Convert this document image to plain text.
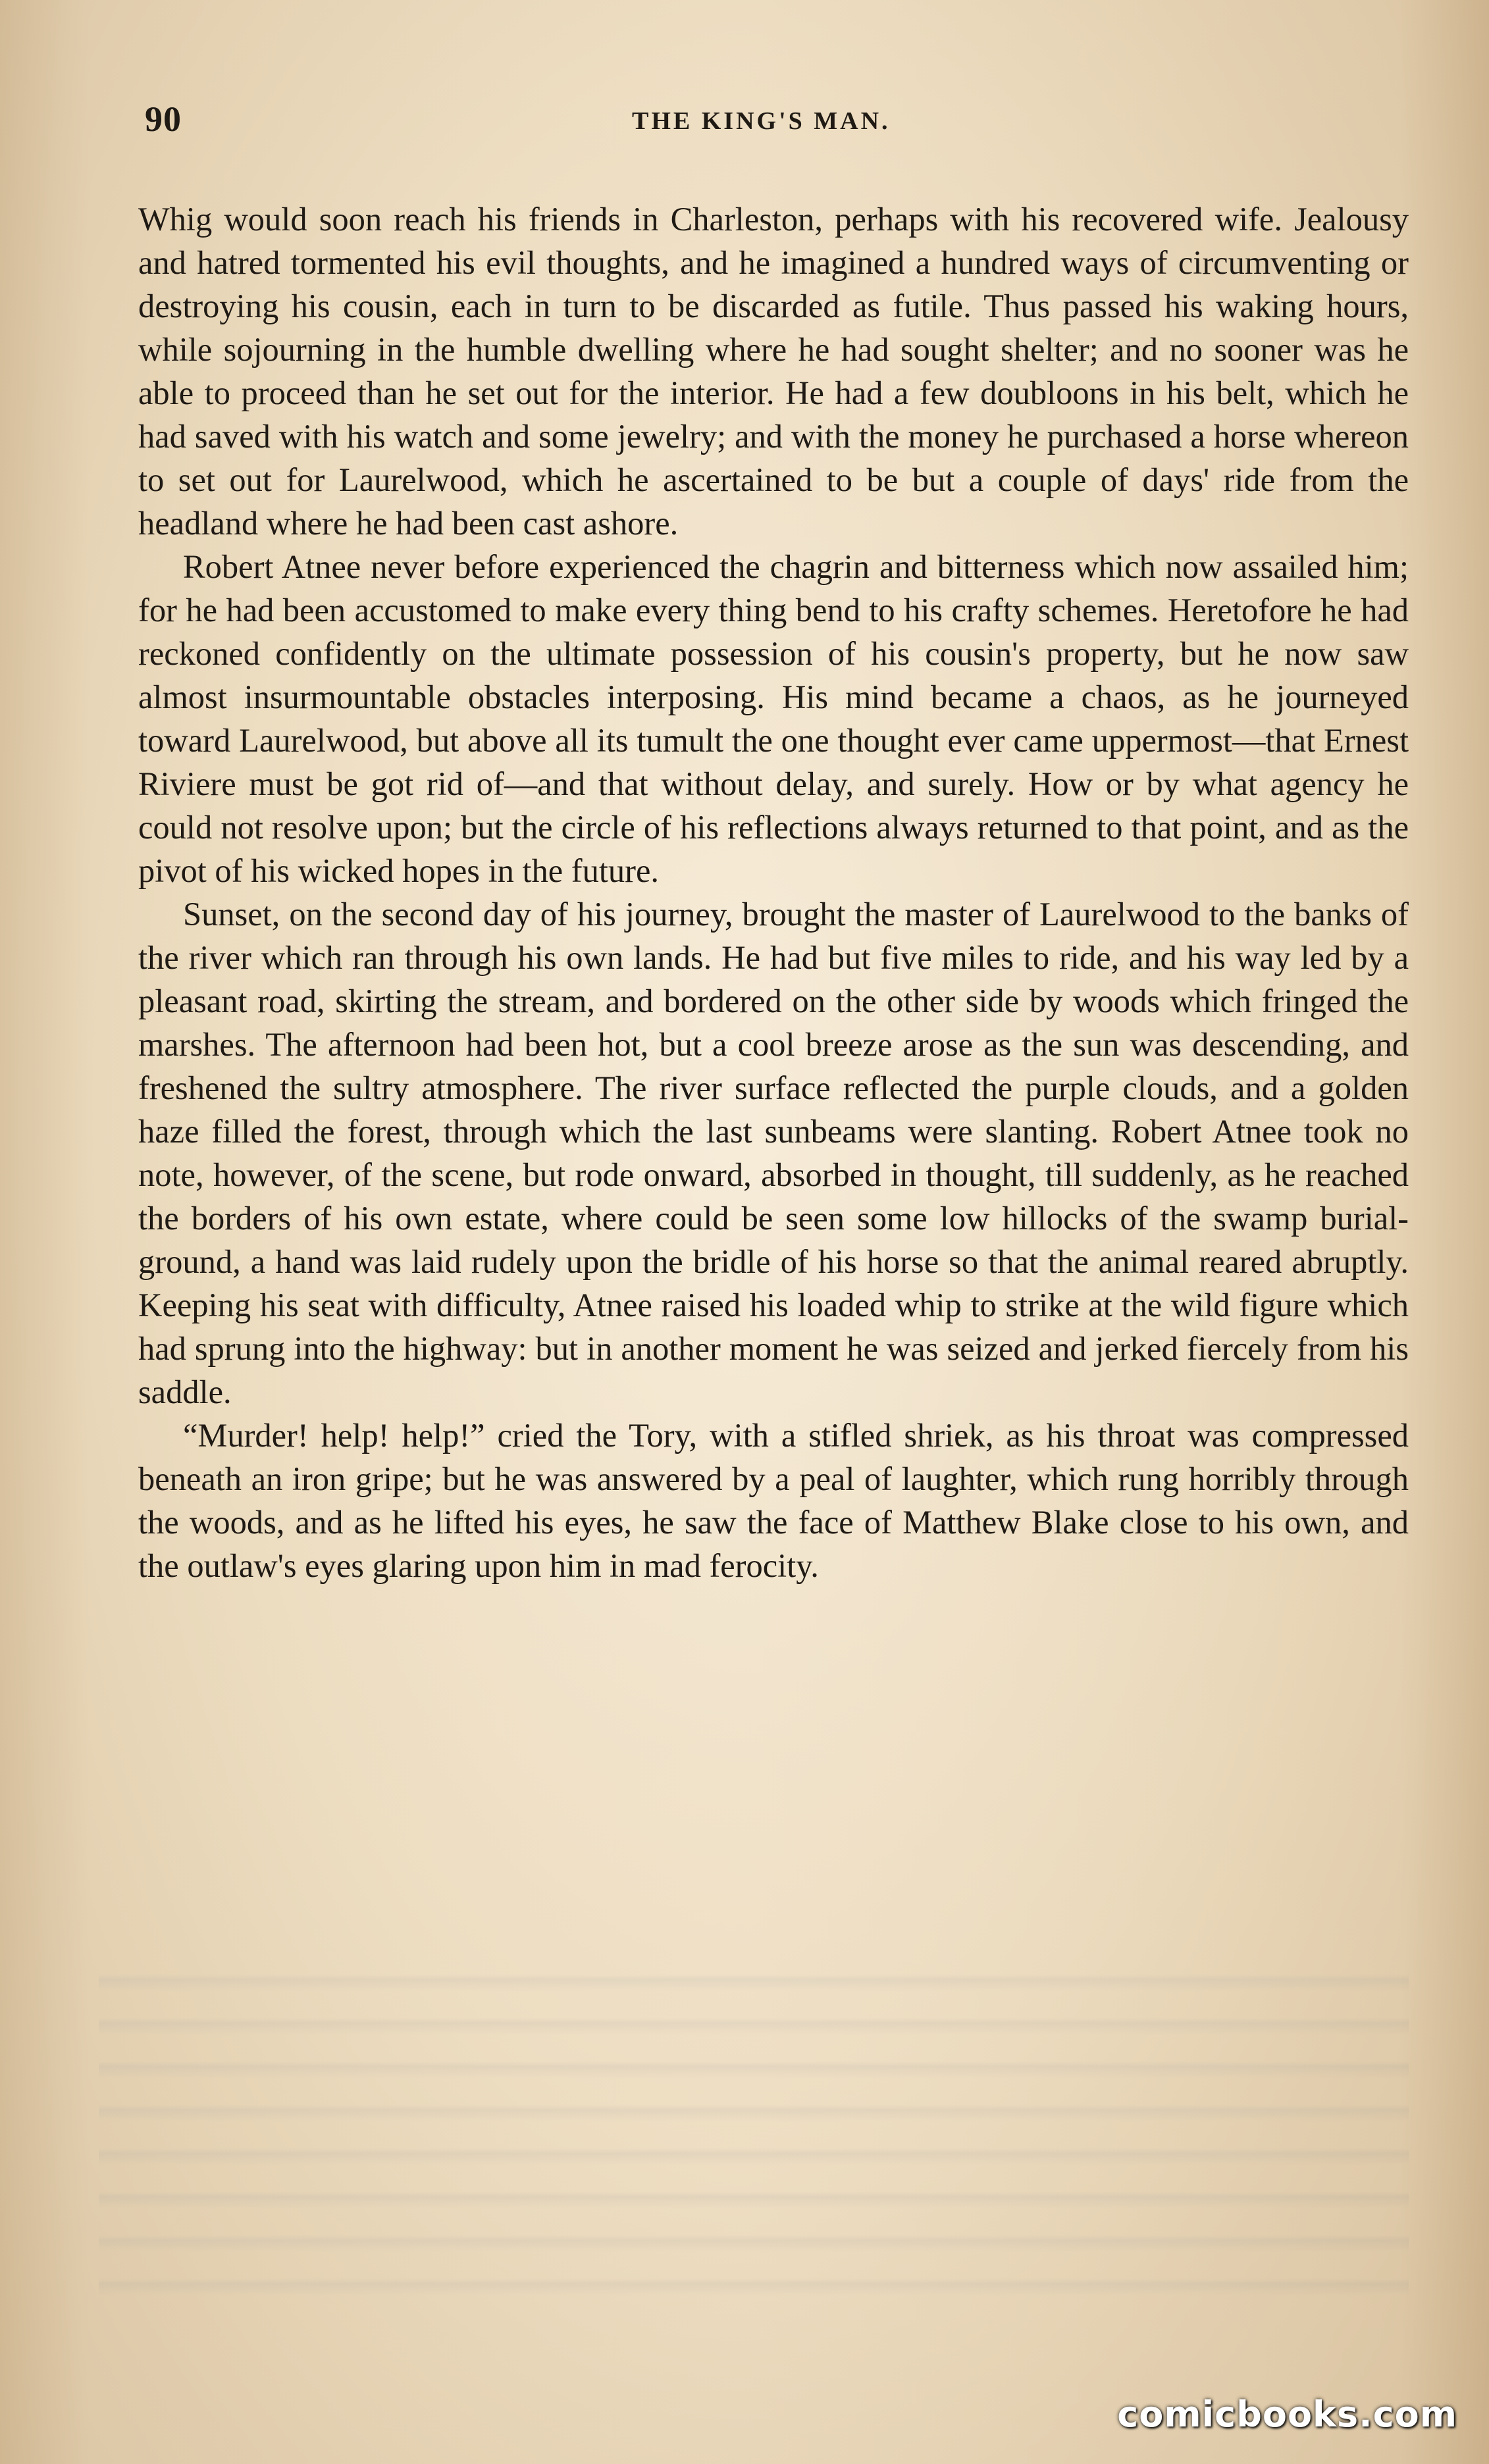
90	THE KING'S MAN.

Whig would soon reach his friends in Charleston, perhaps with his recovered wife. Jealousy and hatred tormented his evil thoughts, and he imagined a hundred ways of circumventing or destroying his cousin, each in turn to be discarded as futile. Thus passed his waking hours, while sojourning in the humble dwelling where he had sought shelter; and no sooner was he able to proceed than he set out for the interior. He had a few doubloons in his belt, which he had saved with his watch and some jewelry; and with the money he purchased a horse whereon to set out for Laurelwood, which he ascertained to be but a couple of days' ride from the headland where he had been cast ashore.

Robert Atnee never before experienced the chagrin and bitterness which now assailed him; for he had been accustomed to make every thing bend to his crafty schemes. Heretofore he had reckoned confidently on the ultimate possession of his cousin's property, but he now saw almost insurmountable obstacles interposing. His mind became a chaos, as he journeyed toward Laurelwood, but above all its tumult the one thought ever came uppermost—that Ernest Riviere must be got rid of—and that without delay, and surely. How or by what agency he could not resolve upon; but the circle of his reflections always returned to that point, and as the pivot of his wicked hopes in the future.

Sunset, on the second day of his journey, brought the master of Laurelwood to the banks of the river which ran through his own lands. He had but five miles to ride, and his way led by a pleasant road, skirting the stream, and bordered on the other side by woods which fringed the marshes. The afternoon had been hot, but a cool breeze arose as the sun was descending, and freshened the sultry atmosphere. The river surface reflected the purple clouds, and a golden haze filled the forest, through which the last sunbeams were slanting. Robert Atnee took no note, however, of the scene, but rode onward, absorbed in thought, till suddenly, as he reached the borders of his own estate, where could be seen some low hillocks of the swamp burial-ground, a hand was laid rudely upon the bridle of his horse so that the animal reared abruptly. Keeping his seat with difficulty, Atnee raised his loaded whip to strike at the wild figure which had sprung into the highway: but in another moment he was seized and jerked fiercely from his saddle.

“Murder! help! help!” cried the Tory, with a stifled shriek, as his throat was compressed beneath an iron gripe; but he was answered by a peal of laughter, which rung horribly through the woods, and as he lifted his eyes, he saw the face of Matthew Blake close to his own, and the outlaw's eyes glaring upon him in mad ferocity.

comicbooks.com
